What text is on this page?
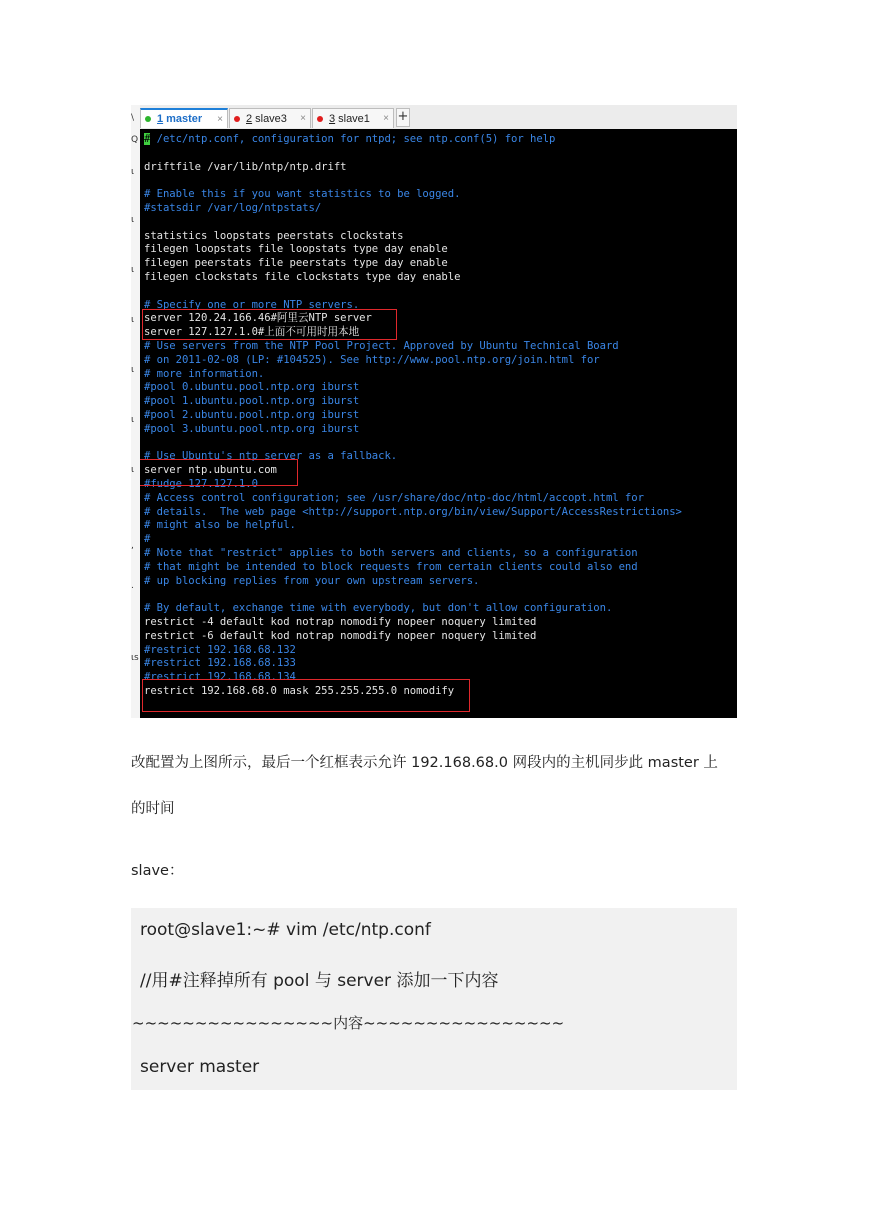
\
Q
ι
ι
ι
ι
ι
ι
ι
,
.
ιs
1 master × 2 slave3 × 3 slave1 × +
restrict 192.168.68.0 mask 255.255.255.0 nomodify
#restrict 192.168.68.134
#restrict 192.168.68.133
#restrict 192.168.68.132
restrict -6 default kod notrap nomodify nopeer noquery limited
restrict -4 default kod notrap nomodify nopeer noquery limited
# By default, exchange time with everybody, but don't allow configuration.
# up blocking replies from your own upstream servers.
# that might be intended to block requests from certain clients could also end
# Note that "restrict" applies to both servers and clients, so a configuration
#
# might also be helpful.
# details.  The web page <http://support.ntp.org/bin/view/Support/AccessRestrictions>
# Access control configuration; see /usr/share/doc/ntp-doc/html/accopt.html for
#fudge 127.127.1.0
server ntp.ubuntu.com
# Use Ubuntu's ntp server as a fallback.
#pool 3.ubuntu.pool.ntp.org iburst
#pool 2.ubuntu.pool.ntp.org iburst
#pool 1.ubuntu.pool.ntp.org iburst
#pool 0.ubuntu.pool.ntp.org iburst
# more information.
# on 2011-02-08 (LP: #104525). See http://www.pool.ntp.org/join.html for
# Use servers from the NTP Pool Project. Approved by Ubuntu Technical Board
server 127.127.1.0#上面不可用时用本地
server 120.24.166.46#阿里云NTP server
# Specify one or more NTP servers.
filegen clockstats file clockstats type day enable
filegen peerstats file peerstats type day enable
filegen loopstats file loopstats type day enable
statistics loopstats peerstats clockstats
#statsdir /var/log/ntpstats/
# Enable this if you want statistics to be logged.
driftfile /var/lib/ntp/ntp.drift
# /etc/ntp.conf, configuration for ntpd; see ntp.conf(5) for help
改配置为上图所示，最后一个红框表示允许 192.168.68.0 网段内的主机同步此 master 上
的时间
slave：
root@slave1:~# vim /etc/ntp.conf
//用#注释掉所有 pool 与 server 添加一下内容
~~~~~~~~~~~~~~~~内容~~~~~~~~~~~~~~~~
server master
